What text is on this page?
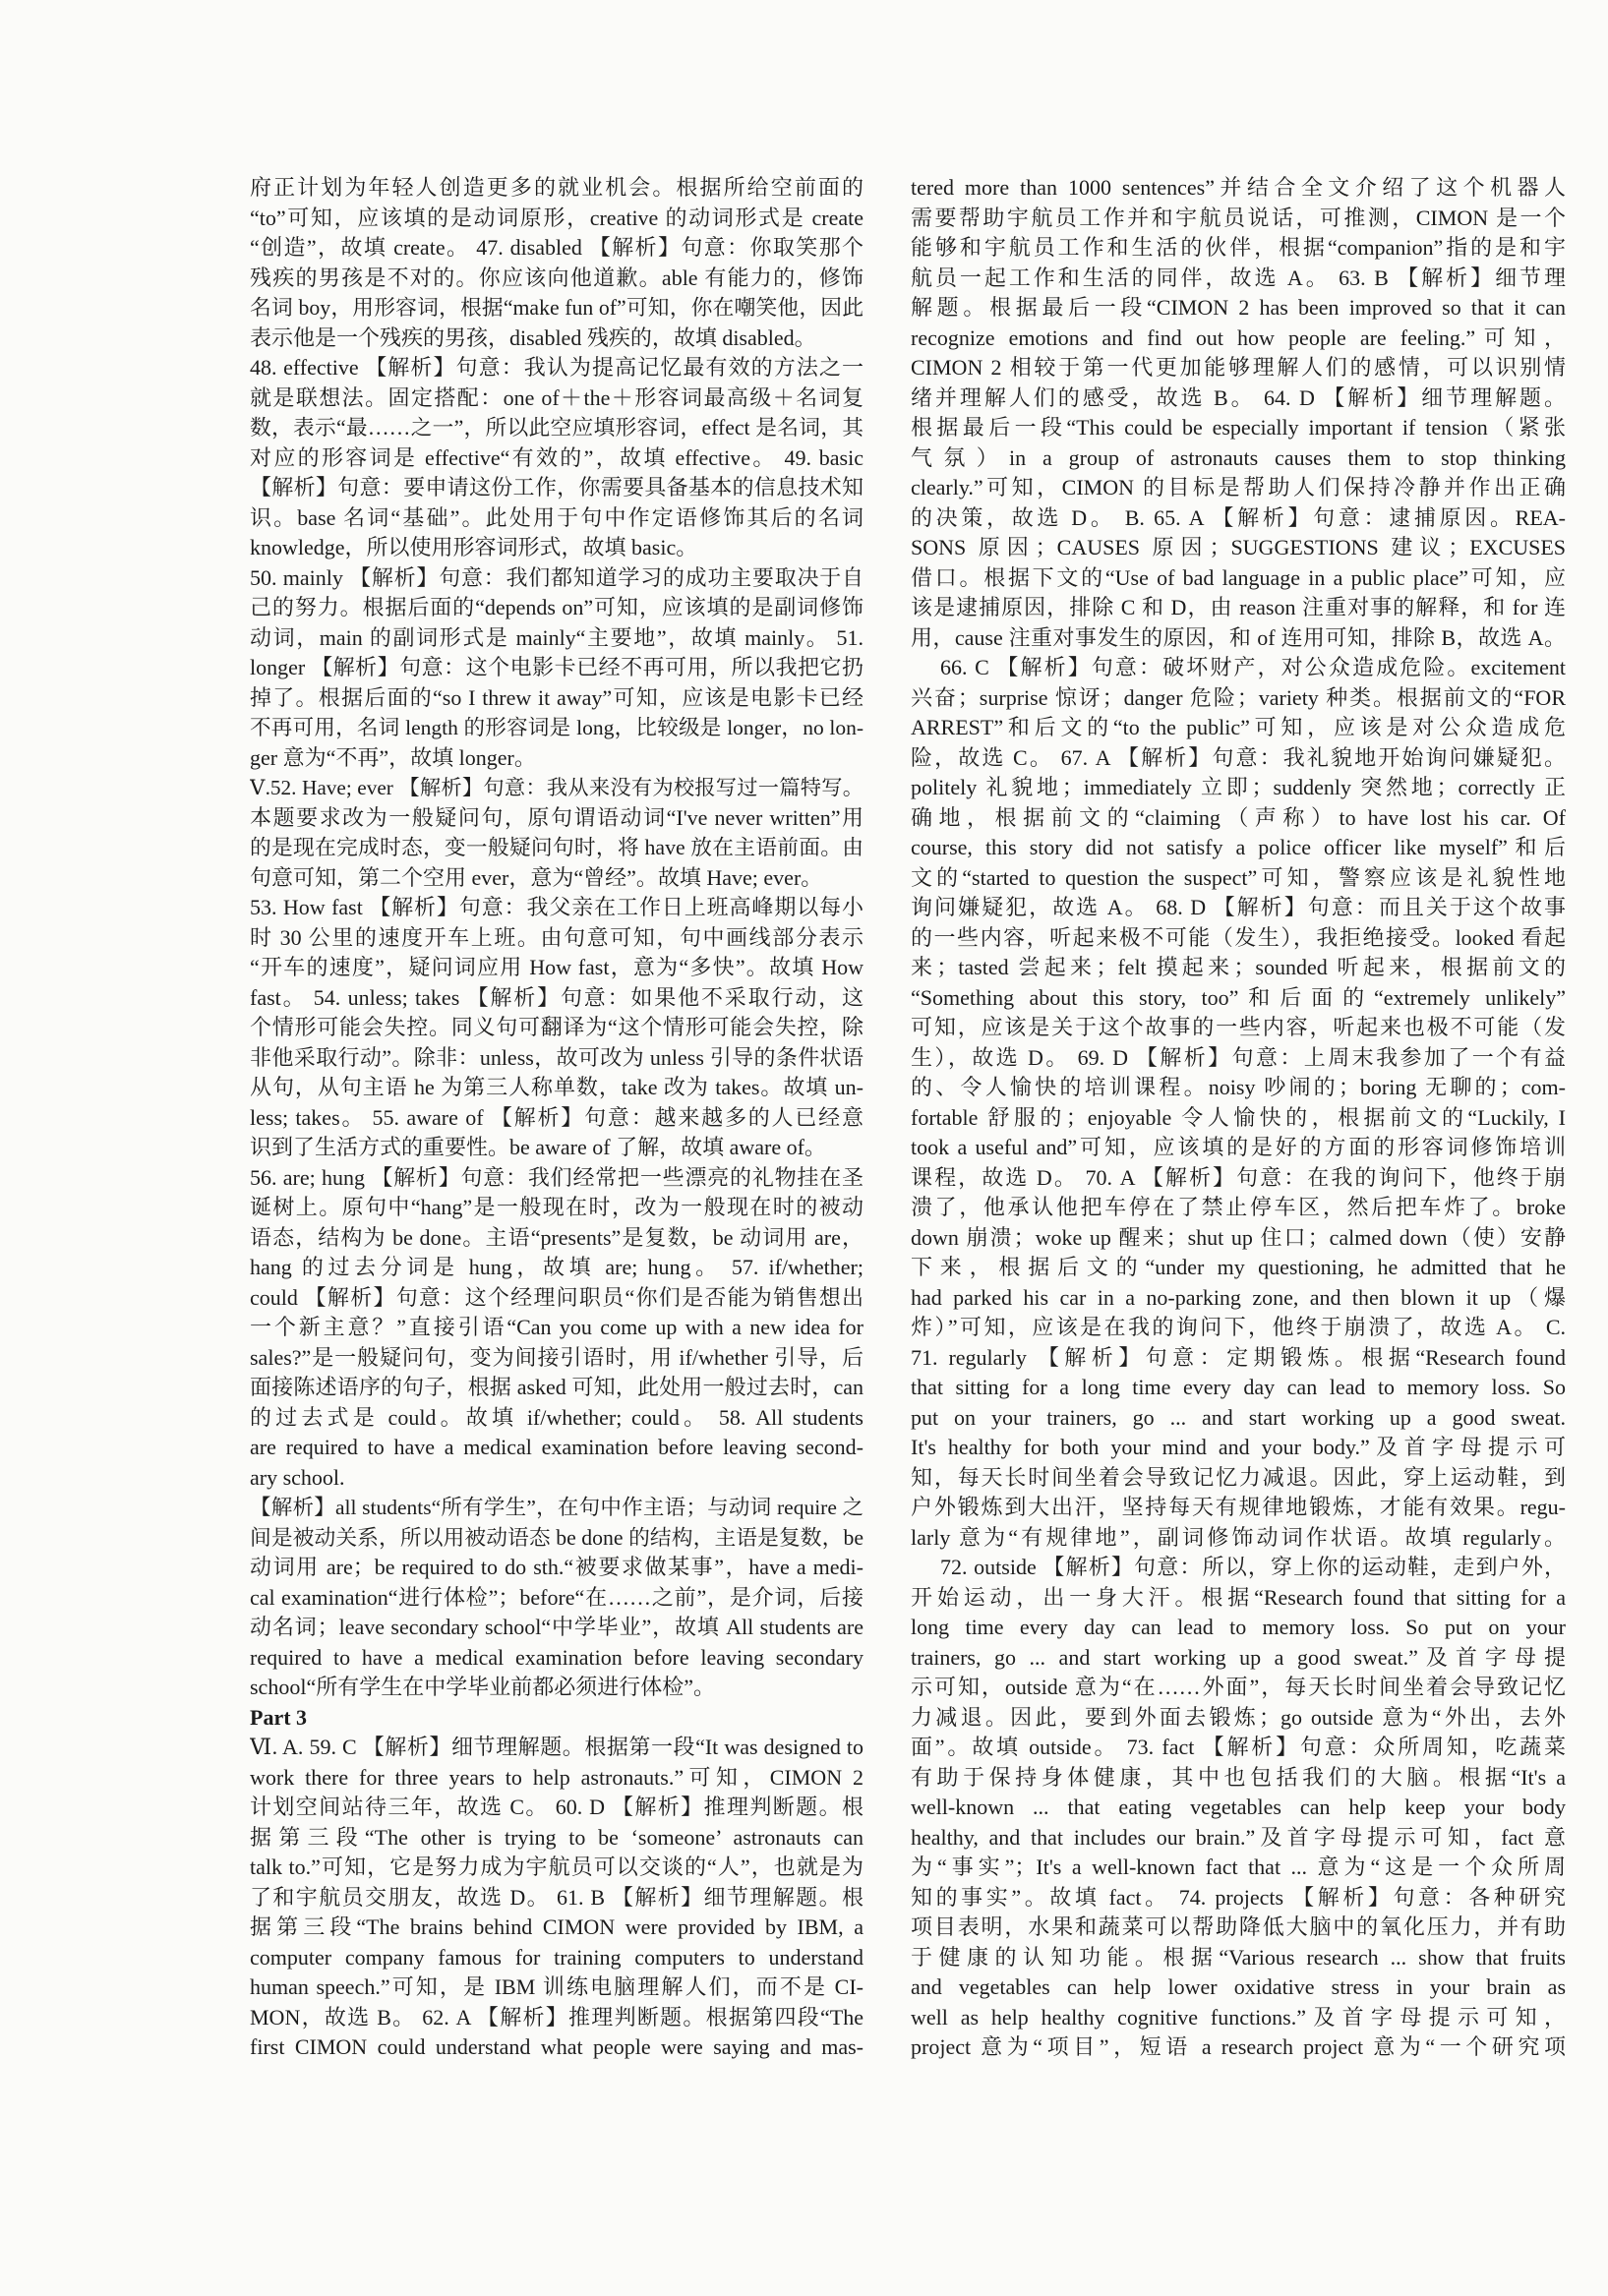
府正计划为年轻人创造更多的就业机会。根据所给空前面的
“to”可知，应该填的是动词原形，creative 的动词形式是 create
“创造”，故填 create。 47. disabled 【解析】句意：你取笑那个
残疾的男孩是不对的。你应该向他道歉。able 有能力的，修饰
名词 boy，用形容词，根据“make fun of”可知，你在嘲笑他，因此
表示他是一个残疾的男孩，disabled 残疾的，故填 disabled。
48. effective 【解析】句意：我认为提高记忆最有效的方法之一
就是联想法。固定搭配：one of＋the＋形容词最高级＋名词复
数，表示“最……之一”，所以此空应填形容词，effect 是名词，其
对应的形容词是 effective“有效的”，故填 effective。 49. basic
【解析】句意：要申请这份工作，你需要具备基本的信息技术知
识。base 名词“基础”。此处用于句中作定语修饰其后的名词
knowledge，所以使用形容词形式，故填 basic。
50. mainly 【解析】句意：我们都知道学习的成功主要取决于自
己的努力。根据后面的“depends on”可知，应该填的是副词修饰
动词，main 的副词形式是 mainly“主要地”，故填 mainly。 51.
longer 【解析】句意：这个电影卡已经不再可用，所以我把它扔
掉了。根据后面的“so I threw it away”可知，应该是电影卡已经
不再可用，名词 length 的形容词是 long，比较级是 longer，no lon-
ger 意为“不再”，故填 longer。
Ⅴ.52. Have; ever 【解析】句意：我从来没有为校报写过一篇特写。
本题要求改为一般疑问句，原句谓语动词“I've never written”用
的是现在完成时态，变一般疑问句时，将 have 放在主语前面。由
句意可知，第二个空用 ever，意为“曾经”。故填 Have; ever。
53. How fast 【解析】句意：我父亲在工作日上班高峰期以每小
时 30 公里的速度开车上班。由句意可知，句中画线部分表示
“开车的速度”，疑问词应用 How fast，意为“多快”。故填 How
fast。 54. unless; takes 【解析】句意：如果他不采取行动，这
个情形可能会失控。同义句可翻译为“这个情形可能会失控，除
非他采取行动”。除非：unless，故可改为 unless 引导的条件状语
从句，从句主语 he 为第三人称单数，take 改为 takes。故填 un-
less; takes。 55. aware of 【解析】句意：越来越多的人已经意
识到了生活方式的重要性。be aware of 了解，故填 aware of。
56. are; hung 【解析】句意：我们经常把一些漂亮的礼物挂在圣
诞树上。原句中“hang”是一般现在时，改为一般现在时的被动
语态，结构为 be done。主语“presents”是复数，be 动词用 are，
hang 的过去分词是 hung，故填 are; hung。 57. if/whether;
could 【解析】句意：这个经理问职员“你们是否能为销售想出
一个新主意？”直接引语“Can you come up with a new idea for
sales?”是一般疑问句，变为间接引语时，用 if/whether 引导，后
面接陈述语序的句子，根据 asked 可知，此处用一般过去时，can
的过去式是 could。故填 if/whether; could。 58. All students
are required to have a medical examination before leaving second-
ary school.
【解析】all students“所有学生”，在句中作主语；与动词 require 之
间是被动关系，所以用被动语态 be done 的结构，主语是复数，be
动词用 are；be required to do sth.“被要求做某事”，have a medi-
cal examination“进行体检”；before“在……之前”，是介词，后接
动名词；leave secondary school“中学毕业”，故填 All students are
required to have a medical examination before leaving secondary
school“所有学生在中学毕业前都必须进行体检”。
Part 3
Ⅵ. A. 59. C 【解析】细节理解题。根据第一段“It was designed to
work there for three years to help astronauts.”可知，CIMON 2
计划空间站待三年，故选 C。 60. D 【解析】推理判断题。根
据第三段“The other is trying to be ‘someone’ astronauts can
talk to.”可知，它是努力成为宇航员可以交谈的“人”，也就是为
了和宇航员交朋友，故选 D。 61. B 【解析】细节理解题。根
据第三段“The brains behind CIMON were provided by IBM, a
computer company famous for training computers to understand
human speech.”可知，是 IBM 训练电脑理解人们，而不是 CI-
MON，故选 B。 62. A 【解析】推理判断题。根据第四段“The
first CIMON could understand what people were saying and mas-
tered more than 1000 sentences”并结合全文介绍了这个机器人
需要帮助宇航员工作并和宇航员说话，可推测，CIMON 是一个
能够和宇航员工作和生活的伙伴，根据“companion”指的是和宇
航员一起工作和生活的同伴，故选 A。 63. B 【解析】细节理
解题。根据最后一段“CIMON 2 has been improved so that it can
recognize emotions and find out how people are feeling.”可知，
CIMON 2 相较于第一代更加能够理解人们的感情，可以识别情
绪并理解人们的感受，故选 B。 64. D 【解析】细节理解题。
根据最后一段“This could be especially important if tension（紧张
气氛）in a group of astronauts causes them to stop thinking
clearly.”可知，CIMON 的目标是帮助人们保持冷静并作出正确
的决策，故选 D。 B. 65. A 【解析】句意：逮捕原因。REA-
SONS 原因；CAUSES 原因；SUGGESTIONS 建议；EXCUSES
借口。根据下文的“Use of bad language in a public place”可知，应
该是逮捕原因，排除 C 和 D，由 reason 注重对事的解释，和 for 连
用，cause 注重对事发生的原因，和 of 连用可知，排除 B，故选 A。
66. C 【解析】句意：破坏财产，对公众造成危险。excitement
兴奋；surprise 惊讶；danger 危险；variety 种类。根据前文的“FOR
ARREST”和后文的“to the public”可知，应该是对公众造成危
险，故选 C。 67. A 【解析】句意：我礼貌地开始询问嫌疑犯。
politely 礼貌地；immediately 立即；suddenly 突然地；correctly 正
确地，根据前文的“claiming（声称）to have lost his car. Of
course, this story did not satisfy a police officer like myself”和后
文的“started to question the suspect”可知，警察应该是礼貌性地
询问嫌疑犯，故选 A。 68. D 【解析】句意：而且关于这个故事
的一些内容，听起来极不可能（发生），我拒绝接受。looked 看起
来；tasted 尝起来；felt 摸起来；sounded 听起来，根据前文的
“Something about this story, too”和后面的“extremely unlikely”
可知，应该是关于这个故事的一些内容，听起来也极不可能（发
生），故选 D。 69. D 【解析】句意：上周末我参加了一个有益
的、令人愉快的培训课程。noisy 吵闹的；boring 无聊的；com-
fortable 舒服的；enjoyable 令人愉快的，根据前文的“Luckily, I
took a useful and”可知，应该填的是好的方面的形容词修饰培训
课程，故选 D。 70. A 【解析】句意：在我的询问下，他终于崩
溃了，他承认他把车停在了禁止停车区，然后把车炸了。broke
down 崩溃；woke up 醒来；shut up 住口；calmed down（使）安静
下来，根据后文的“under my questioning, he admitted that he
had parked his car in a no-parking zone, and then blown it up（爆
炸）”可知，应该是在我的询问下，他终于崩溃了，故选 A。 C.
71. regularly 【解析】句意：定期锻炼。根据“Research found
that sitting for a long time every day can lead to memory loss. So
put on your trainers, go ... and start working up a good sweat.
It's healthy for both your mind and your body.”及首字母提示可
知，每天长时间坐着会导致记忆力减退。因此，穿上运动鞋，到
户外锻炼到大出汗，坚持每天有规律地锻炼，才能有效果。regu-
larly 意为“有规律地”，副词修饰动词作状语。故填 regularly。
72. outside 【解析】句意：所以，穿上你的运动鞋，走到户外，
开始运动，出一身大汗。根据“Research found that sitting for a
long time every day can lead to memory loss. So put on your
trainers, go ... and start working up a good sweat.”及首字母提
示可知，outside 意为“在……外面”，每天长时间坐着会导致记忆
力减退。因此，要到外面去锻炼；go outside 意为“外出，去外
面”。故填 outside。 73. fact 【解析】句意：众所周知，吃蔬菜
有助于保持身体健康，其中也包括我们的大脑。根据“It's a
well-known ... that eating vegetables can help keep your body
healthy, and that includes our brain.”及首字母提示可知，fact 意
为“事实”；It's a well-known fact that ... 意为“这是一个众所周
知的事实”。故填 fact。 74. projects 【解析】句意：各种研究
项目表明，水果和蔬菜可以帮助降低大脑中的氧化压力，并有助
于健康的认知功能。根据“Various research ... show that fruits
and vegetables can help lower oxidative stress in your brain as
well as help healthy cognitive functions.”及首字母提示可知，
project 意为“项目”，短语 a research project 意为“一个研究项
